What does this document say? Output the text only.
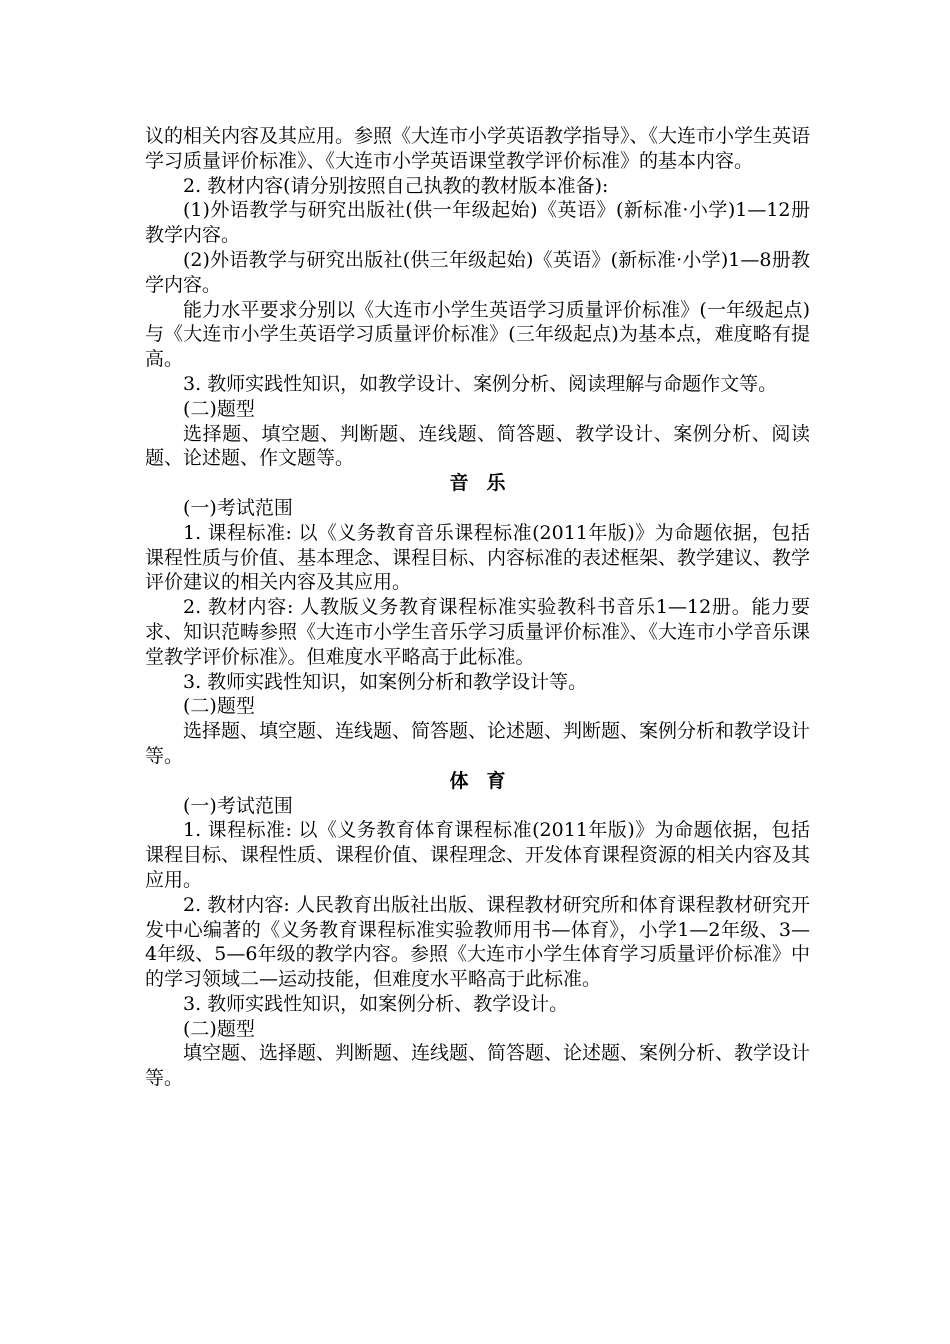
议的相关内容及其应用。参照《大连市小学英语教学指导》、《大连市小学生英语学习质量评价标准》、《大连市小学英语课堂教学评价标准》的基本内容。

2. 教材内容(请分别按照自己执教的教材版本准备):

(1)外语教学与研究出版社(供一年级起始)《英语》(新标准·小学)1—12册教学内容。

(2)外语教学与研究出版社(供三年级起始)《英语》(新标准·小学)1—8册教学内容。

能力水平要求分别以《大连市小学生英语学习质量评价标准》(一年级起点)与《大连市小学生英语学习质量评价标准》(三年级起点)为基本点，难度略有提高。

3. 教师实践性知识，如教学设计、案例分析、阅读理解与命题作文等。

(二)题型

选择题、填空题、判断题、连线题、简答题、教学设计、案例分析、阅读题、论述题、作文题等。

音乐

(一)考试范围

1. 课程标准: 以《义务教育音乐课程标准(2011年版)》为命题依据，包括课程性质与价值、基本理念、课程目标、内容标准的表述框架、教学建议、教学评价建议的相关内容及其应用。

2. 教材内容: 人教版义务教育课程标准实验教科书音乐1—12册。能力要求、知识范畴参照《大连市小学生音乐学习质量评价标准》、《大连市小学音乐课堂教学评价标准》。但难度水平略高于此标准。

3. 教师实践性知识，如案例分析和教学设计等。

(二)题型

选择题、填空题、连线题、简答题、论述题、判断题、案例分析和教学设计等。

体育

(一)考试范围

1. 课程标准: 以《义务教育体育课程标准(2011年版)》为命题依据，包括课程目标、课程性质、课程价值、课程理念、开发体育课程资源的相关内容及其应用。

2. 教材内容: 人民教育出版社出版、课程教材研究所和体育课程教材研究开发中心编著的《义务教育课程标准实验教师用书—体育》，小学1—2年级、3—4年级、5—6年级的教学内容。参照《大连市小学生体育学习质量评价标准》中的学习领域二—运动技能，但难度水平略高于此标准。

3. 教师实践性知识，如案例分析、教学设计。

(二)题型

填空题、选择题、判断题、连线题、简答题、论述题、案例分析、教学设计等。
